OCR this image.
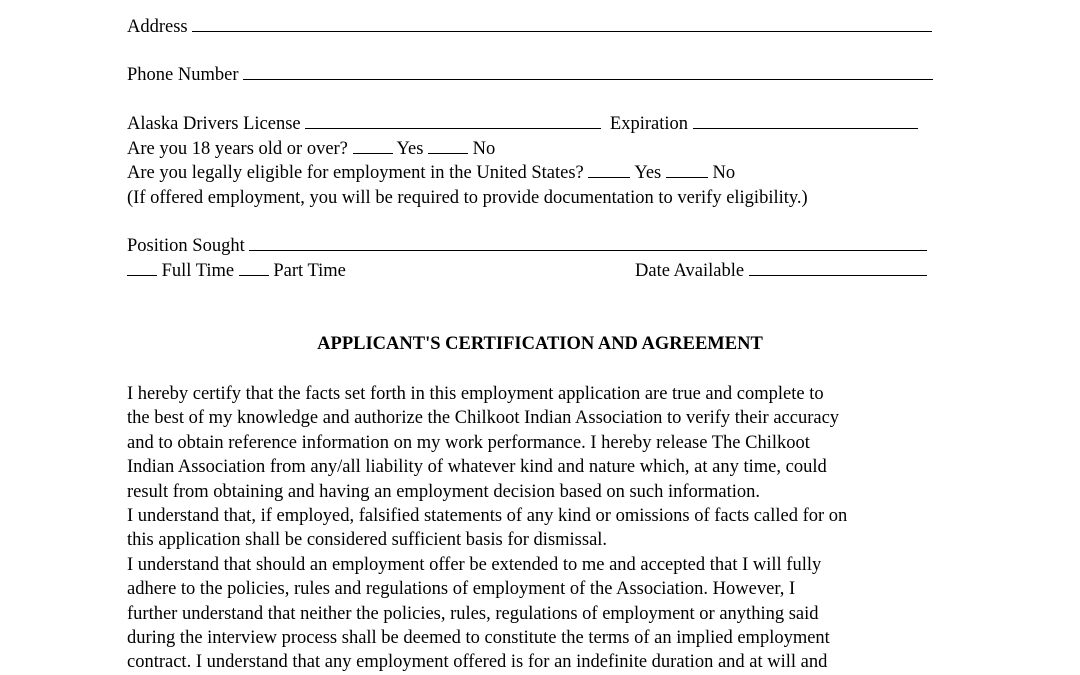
Address
Phone Number
Alaska Drivers License	Expiration
Are you 18 years old or over?	Yes	No
Are you legally eligible for employment in the United States?	Yes	No
(If offered employment, you will be required to provide documentation to verify eligibility.)
Position Sought
Full Time Part Time	Date Available
APPLICANT'S CERTIFICATION AND AGREEMENT
I hereby certify that the facts set forth in this employment application are true and complete to
the best of my knowledge and authorize the Chilkoot Indian Association to verify their accuracy
and to obtain reference information on my work performance. I hereby release The Chilkoot
Indian Association from any/all liability of whatever kind and nature which, at any time, could
result from obtaining and having an employment decision based on such information.
I understand that, if employed, falsified statements of any kind or omissions of facts called for on
this application shall be considered sufficient basis for dismissal.
I understand that should an employment offer be extended to me and accepted that I will fully
adhere to the policies, rules and regulations of employment of the Association. However, I
further understand that neither the policies, rules, regulations of employment or anything said
during the interview process shall be deemed to constitute the terms of an implied employment
contract. I understand that any employment offered is for an indefinite duration and at will and
